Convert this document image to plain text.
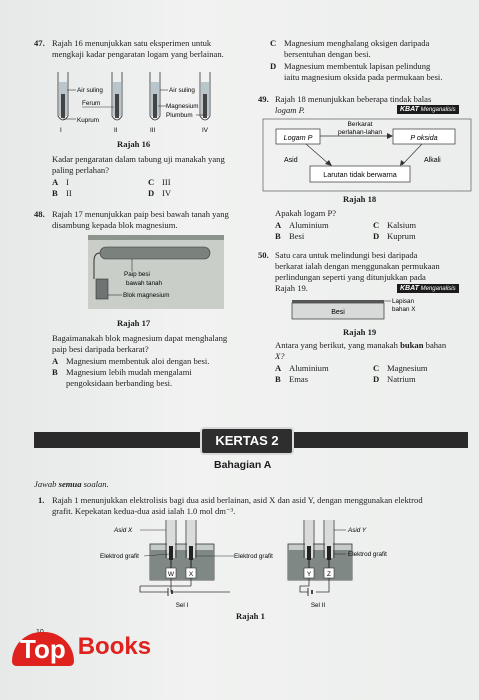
47. Rajah 16 menunjukkan satu eksperimen untuk
mengkaji kadar pengaratan logam yang berlainan.
Air suling
Ferum
Kuprum
Air suling
Magnesium
Plumbum
I	II	III	IV
Rajah 16
Kadar pengaratan dalam tabung uji manakah yang
paling perlahan?
A I	C III
B II	D IV
48. Rajah 17 menunjukkan paip besi bawah tanah yang
disambung kepada blok magnesium.
Paip besi
bawah tanah
Blok magnesium
Rajah 17
Bagaimanakah blok magnesium dapat menghalang
paip besi daripada berkarat?
A Magnesium membentuk aloi dengan besi.
B Magnesium lebih mudah mengalami
pengoksidaan berbanding besi.
C Magnesium menghalang oksigen daripada
bersentuhan dengan besi.
D Magnesium membentuk lapisan pelindung
iaitu magnesium oksida pada permukaan besi.
49. Rajah 18 menunjukkan beberapa tindak balas
logam P.	KBAT Menganalisis
Logam P	P oksida
Berkarat
perlahan-lahan
Asid	Alkali
Larutan tidak berwarna
Rajah 18
Apakah logam P?
A Aluminium	C Kalsium
B Besi	D Kuprum
50. Satu cara untuk melindungi besi daripada
berkarat ialah dengan menggunakan permukaan
perlindungan seperti yang ditunjukkan pada
Rajah 19.	KBAT Menganalisis
Besi
Lapisan
bahan X
Rajah 19
Antara yang berikut, yang manakah bukan bahan
X?
A Aluminium	C Magnesium
B Emas	D Natrium
KERTAS 2
Bahagian A
Jawab semua soalan.
1. Rajah 1 menunjukkan elektrolisis bagi dua asid berlainan, asid X dan asid Y, dengan menggunakan elektrod
grafit. Kepekatan kedua-dua asid ialah 1.0 mol dm⁻³.
W X
Sel I
Y Z
Sel II
Asid X
Elektrod grafit	Elektrod grafit
Asid Y
Elektrod grafit
Rajah 1
Top Books
